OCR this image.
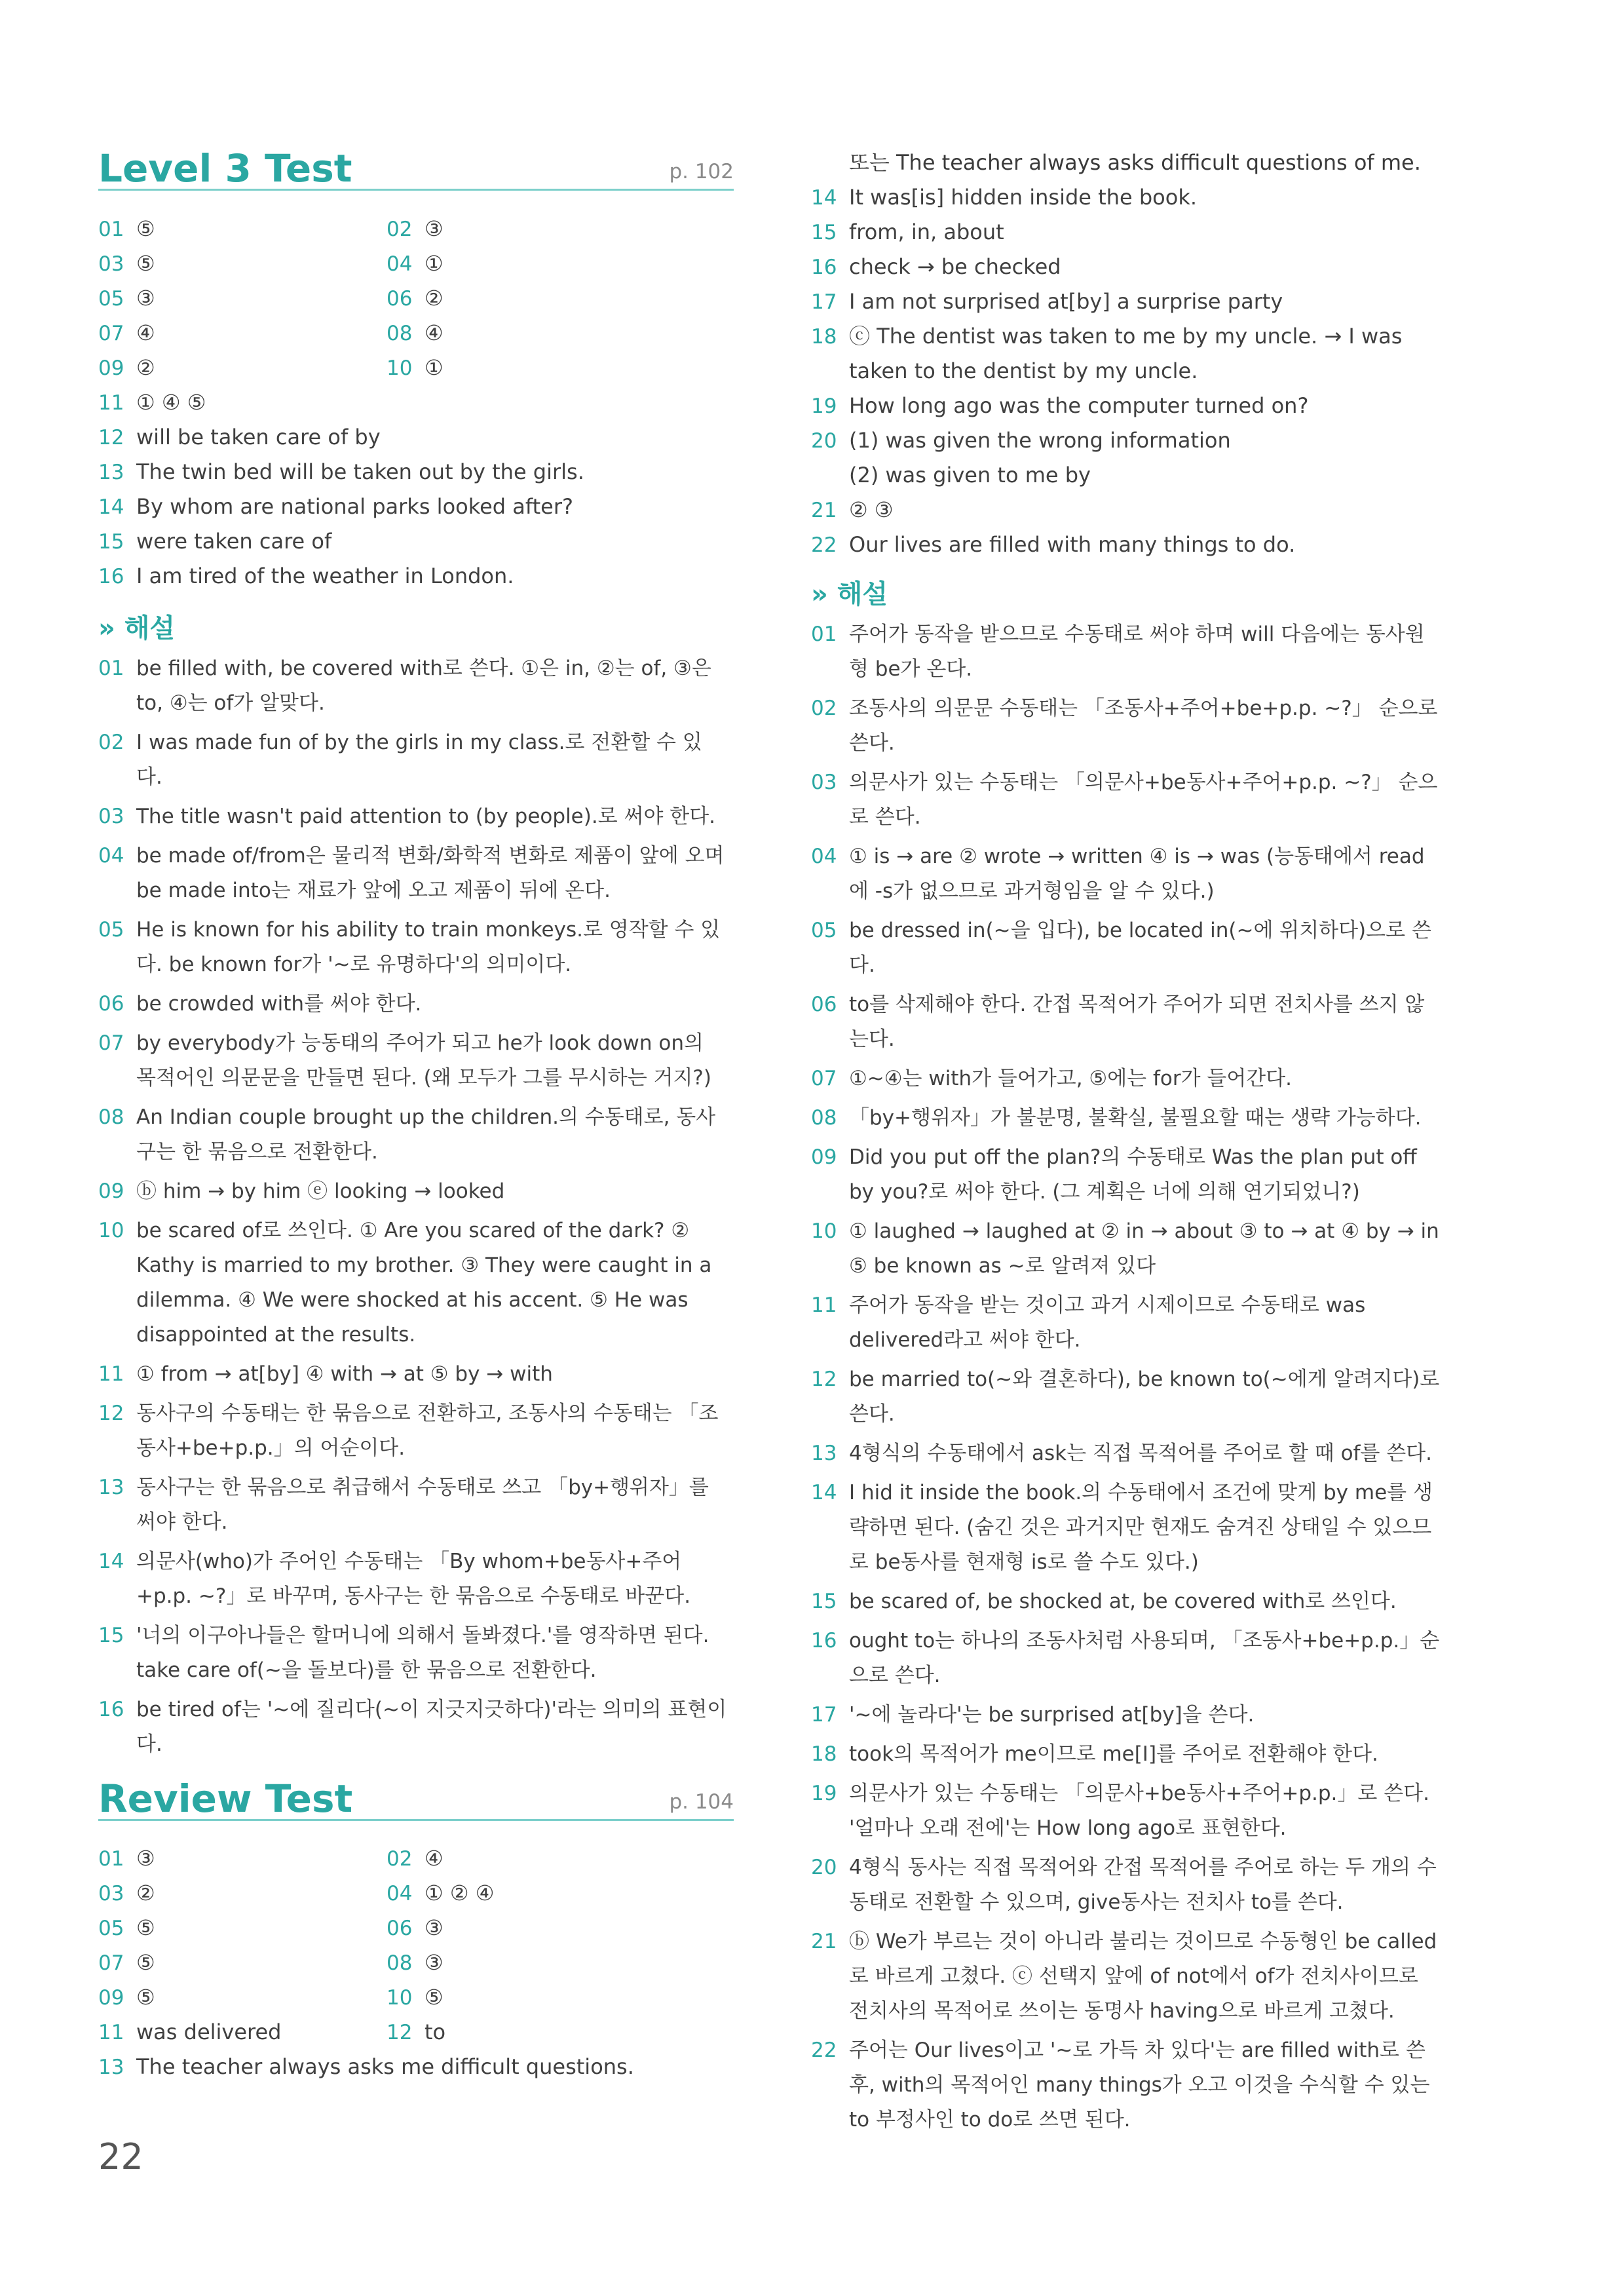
Level 3 Test	p. 102
01 ⑤	02 ③
03 ⑤	04 ①
05 ③	06 ②
07 ④	08 ④
09 ②	10 ①
11 ① ④ ⑤
12 will be taken care of by
13 The twin bed will be taken out by the girls.
14 By whom are national parks looked after?
15 were taken care of
16 I am tired of the weather in London.
» 해설
01 be filled with, be covered with로 쓴다. ①은 in, ②는 of, ③은 to, ④는 of가 알맞다.
02 I was made fun of by the girls in my class.로 전환할 수 있다.
03 The title wasn't paid attention to (by people).로 써야 한다.
04 be made of/from은 물리적 변화/화학적 변화로 제품이 앞에 오며 be made into는 재료가 앞에 오고 제품이 뒤에 온다.
05 He is known for his ability to train monkeys.로 영작할 수 있다. be known for가 '~로 유명하다'의 의미이다.
06 be crowded with를 써야 한다.
07 by everybody가 능동태의 주어가 되고 he가 look down on의 목적어인 의문문을 만들면 된다. (왜 모두가 그를 무시하는 거지?)
08 An Indian couple brought up the children.의 수동태로, 동사구는 한 묶음으로 전환한다.
09 ⓑ him → by him ⓔ looking → looked
10 be scared of로 쓰인다. ① Are you scared of the dark? ② Kathy is married to my brother. ③ They were caught in a dilemma. ④ We were shocked at his accent. ⑤ He was disappointed at the results.
11 ① from → at[by] ④ with → at ⑤ by → with
12 동사구의 수동태는 한 묶음으로 전환하고, 조동사의 수동태는 「조동사+be+p.p.」의 어순이다.
13 동사구는 한 묶음으로 취급해서 수동태로 쓰고 「by+행위자」를 써야 한다.
14 의문사(who)가 주어인 수동태는 「By whom+be동사+주어+p.p. ~?」로 바꾸며, 동사구는 한 묶음으로 수동태로 바꾼다.
15 '너의 이구아나들은 할머니에 의해서 돌봐졌다.'를 영작하면 된다. take care of(~을 돌보다)를 한 묶음으로 전환한다.
16 be tired of는 '~에 질리다(~이 지긋지긋하다)'라는 의미의 표현이다.
Review Test	p. 104
01 ③	02 ④
03 ②	04 ① ② ④
05 ⑤	06 ③
07 ⑤	08 ③
09 ⑤	10 ⑤
11 was delivered	12 to
13 The teacher always asks me difficult questions.
또는 The teacher always asks difficult questions of me.
14 It was[is] hidden inside the book.
15 from, in, about
16 check → be checked
17 I am not surprised at[by] a surprise party
18 ⓒ The dentist was taken to me by my uncle. → I was
taken to the dentist by my uncle.
19 How long ago was the computer turned on?
20 (1) was given the wrong information
(2) was given to me by
21 ② ③
22 Our lives are filled with many things to do.
» 해설
01 주어가 동작을 받으므로 수동태로 써야 하며 will 다음에는 동사원형 be가 온다.
02 조동사의 의문문 수동태는 「조동사+주어+be+p.p. ~?」 순으로 쓴다.
03 의문사가 있는 수동태는 「의문사+be동사+주어+p.p. ~?」 순으로 쓴다.
04 ① is → are ② wrote → written ④ is → was (능동태에서 read에 -s가 없으므로 과거형임을 알 수 있다.)
05 be dressed in(~을 입다), be located in(~에 위치하다)으로 쓴다.
06 to를 삭제해야 한다. 간접 목적어가 주어가 되면 전치사를 쓰지 않는다.
07 ①~④는 with가 들어가고, ⑤에는 for가 들어간다.
08 「by+행위자」가 불분명, 불확실, 불필요할 때는 생략 가능하다.
09 Did you put off the plan?의 수동태로 Was the plan put off by you?로 써야 한다. (그 계획은 너에 의해 연기되었니?)
10 ① laughed → laughed at ② in → about ③ to → at ④ by → in ⑤ be known as ~로 알려져 있다
11 주어가 동작을 받는 것이고 과거 시제이므로 수동태로 was delivered라고 써야 한다.
12 be married to(~와 결혼하다), be known to(~에게 알려지다)로 쓴다.
13 4형식의 수동태에서 ask는 직접 목적어를 주어로 할 때 of를 쓴다.
14 I hid it inside the book.의 수동태에서 조건에 맞게 by me를 생략하면 된다. (숨긴 것은 과거지만 현재도 숨겨진 상태일 수 있으므로 be동사를 현재형 is로 쓸 수도 있다.)
15 be scared of, be shocked at, be covered with로 쓰인다.
16 ought to는 하나의 조동사처럼 사용되며, 「조동사+be+p.p.」순으로 쓴다.
17 '~에 놀라다'는 be surprised at[by]을 쓴다.
18 took의 목적어가 me이므로 me[I]를 주어로 전환해야 한다.
19 의문사가 있는 수동태는 「의문사+be동사+주어+p.p.」로 쓴다. '얼마나 오래 전에'는 How long ago로 표현한다.
20 4형식 동사는 직접 목적어와 간접 목적어를 주어로 하는 두 개의 수동태로 전환할 수 있으며, give동사는 전치사 to를 쓴다.
21 ⓑ We가 부르는 것이 아니라 불리는 것이므로 수동형인 be called로 바르게 고쳤다. ⓒ 선택지 앞에 of not에서 of가 전치사이므로 전치사의 목적어로 쓰이는 동명사 having으로 바르게 고쳤다.
22 주어는 Our lives이고 '~로 가득 차 있다'는 are filled with로 쓴 후, with의 목적어인 many things가 오고 이것을 수식할 수 있는 to 부정사인 to do로 쓰면 된다.
22
